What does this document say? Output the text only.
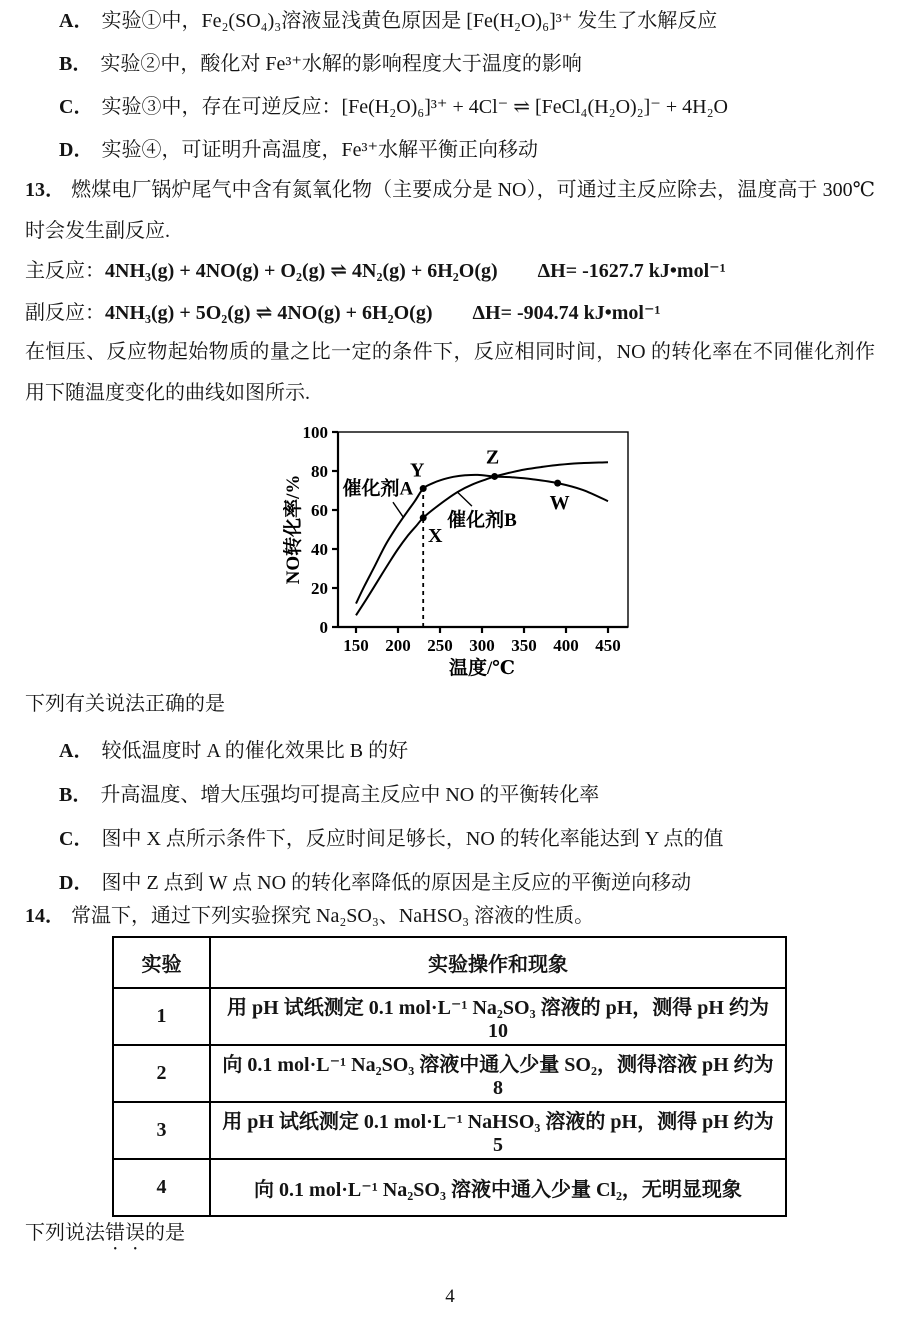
A． 实验①中，Fe₂(SO₄)₃溶液显浅黄色原因是 [Fe(H₂O)₆]³⁺ 发生了水解反应
B． 实验②中，酸化对 Fe³⁺水解的影响程度大于温度的影响
C． 实验③中，存在可逆反应：[Fe(H₂O)₆]³⁺ + 4Cl⁻ ⇌ [FeCl₄(H₂O)₂]⁻ + 4H₂O
D． 实验④，可证明升高温度，Fe³⁺水解平衡正向移动
13． 燃煤电厂锅炉尾气中含有氮氧化物（主要成分是 NO），可通过主反应除去，温度高于 300℃时会发生副反应.
主反应：4NH₃(g) + 4NO(g) + O₂(g) ⇌ 4N₂(g) + 6H₂O(g)　　ΔH= -1627.7 kJ•mol⁻¹
副反应：4NH₃(g) + 5O₂(g) ⇌ 4NO(g) + 6H₂O(g)　　ΔH= -904.74 kJ•mol⁻¹
在恒压、反应物起始物质的量之比一定的条件下，反应相同时间，NO 的转化率在不同催化剂作用下随温度变化的曲线如图所示.
0
20
40
60
80
100
150 200 250 300 350 400 450
温度/℃
NO转化率/% 催化剂A
催化剂B
Y
X
Z
W
下列有关说法正确的是
A． 较低温度时 A 的催化效果比 B 的好
B． 升高温度、增大压强均可提高主反应中 NO 的平衡转化率
C． 图中 X 点所示条件下，反应时间足够长，NO 的转化率能达到 Y 点的值
D． 图中 Z 点到 W 点 NO 的转化率降低的原因是主反应的平衡逆向移动
14． 常温下，通过下列实验探究 Na₂SO₃、NaHSO₃ 溶液的性质。
实验	实验操作和现象
1	用 pH 试纸测定 0.1 mol·L⁻¹ Na₂SO₃ 溶液的 pH，测得 pH 约为 10
2	向 0.1 mol·L⁻¹ Na₂SO₃ 溶液中通入少量 SO₂，测得溶液 pH 约为 8
3	用 pH 试纸测定 0.1 mol·L⁻¹ NaHSO₃ 溶液的 pH，测得 pH 约为 5
4	向 0.1 mol·L⁻¹ Na₂SO₃ 溶液中通入少量 Cl₂，无明显现象
下列说法错误的是
4
